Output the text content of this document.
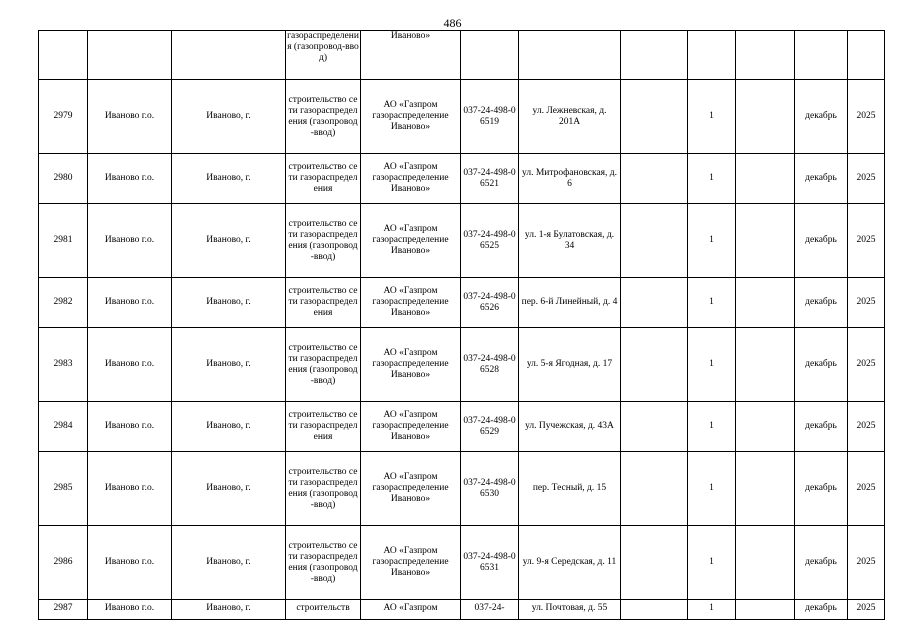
486
			газораспределения (газопровод-ввод)	Иваново»							
2979	Иваново г.о.	Иваново, г.	строительство сети газораспределения (газопровод-ввод)	АО «Газпром газораспределение Иваново»	037-24-498-06519	ул. Лежневская, д. 201А		1		декабрь	2025
2980	Иваново г.о.	Иваново, г.	строительство сети газораспределения	АО «Газпром газораспределение Иваново»	037-24-498-06521	ул. Митрофановская, д. 6		1		декабрь	2025
2981	Иваново г.о.	Иваново, г.	строительство сети газораспределения (газопровод-ввод)	АО «Газпром газораспределение Иваново»	037-24-498-06525	ул. 1-я Булатовская, д. 34		1		декабрь	2025
2982	Иваново г.о.	Иваново, г.	строительство сети газораспределения	АО «Газпром газораспределение Иваново»	037-24-498-06526	пер. 6-й Линейный, д. 4		1		декабрь	2025
2983	Иваново г.о.	Иваново, г.	строительство сети газораспределения (газопровод-ввод)	АО «Газпром газораспределение Иваново»	037-24-498-06528	ул. 5-я Ягодная, д. 17		1		декабрь	2025
2984	Иваново г.о.	Иваново, г.	строительство сети газораспределения	АО «Газпром газораспределение Иваново»	037-24-498-06529	ул. Пучежская, д. 43А		1		декабрь	2025
2985	Иваново г.о.	Иваново, г.	строительство сети газораспределения (газопровод-ввод)	АО «Газпром газораспределение Иваново»	037-24-498-06530	пер. Тесный, д. 15		1		декабрь	2025
2986	Иваново г.о.	Иваново, г.	строительство сети газораспределения (газопровод-ввод)	АО «Газпром газораспределение Иваново»	037-24-498-06531	ул. 9-я Середская, д. 11		1		декабрь	2025
2987	Иваново г.о.	Иваново, г.	строительств	АО «Газпром	037-24-	ул. Почтовая, д. 55		1		декабрь	2025
